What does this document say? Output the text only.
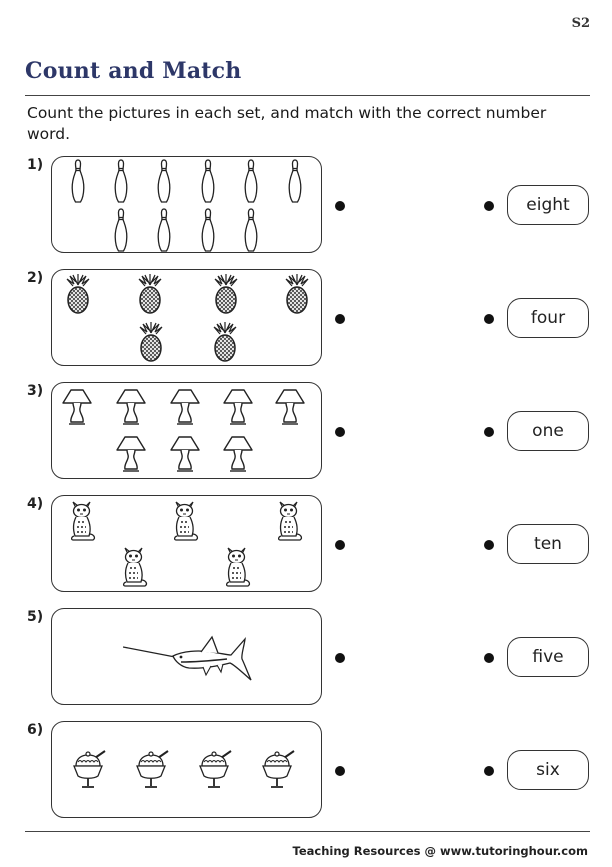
S2
Count and Match
Count the pictures in each set, and match with the correct number word.
1)
eight
2)
four
3)
one
4)
ten
5)
five
6)
six
Teaching Resources @ www.tutoringhour.com
